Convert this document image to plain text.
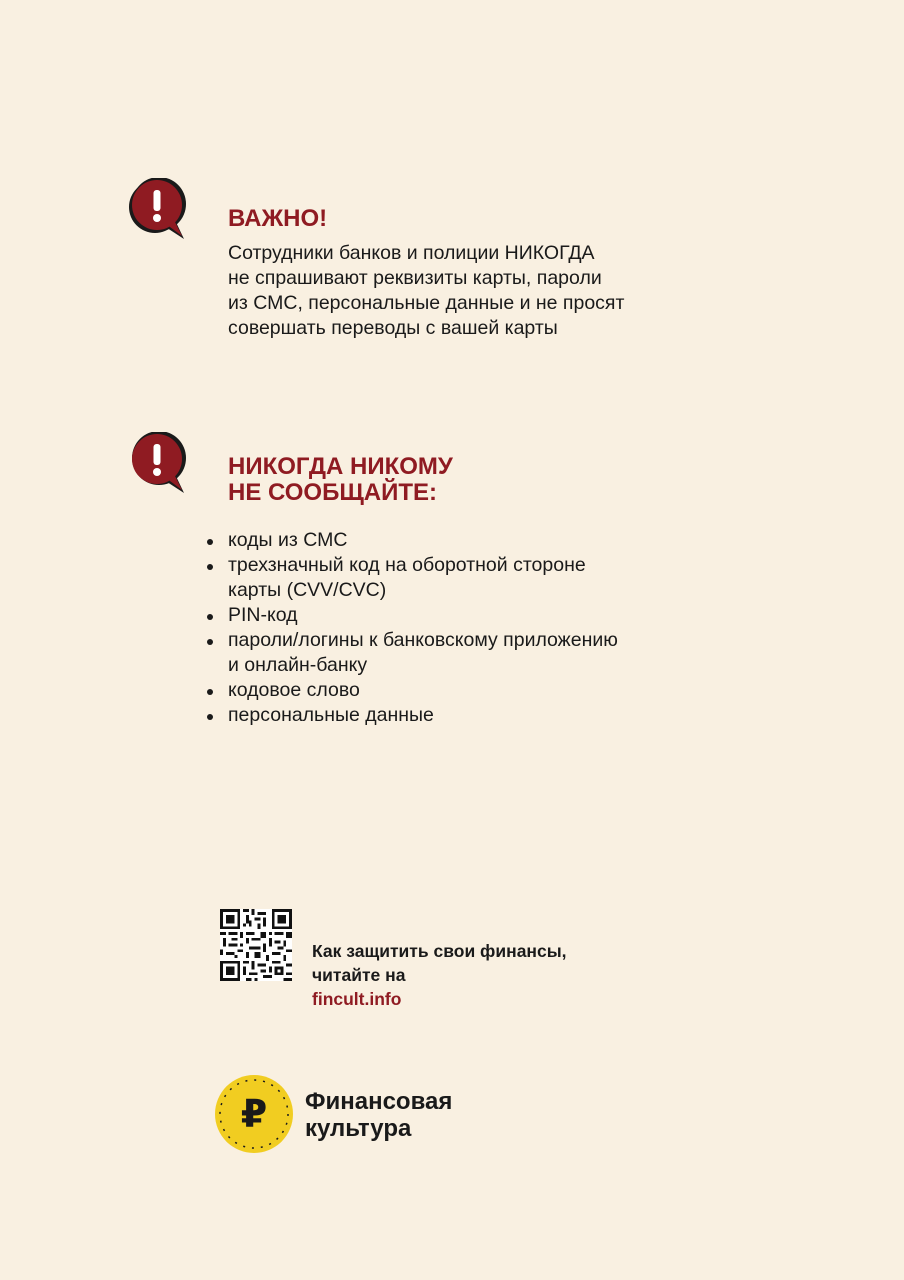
ВАЖНО!

Сотрудники банков и полиции НИКОГДА
не спрашивают реквизиты карты, пароли
из СМС, персональные данные и не просят
совершать переводы с вашей карты

НИКОГДА НИКОМУ
НЕ СООБЩАЙТЕ:
коды из СМС
трехзначный код на оборотной стороне
карты (CVV/CVC)
PIN-код
пароли/логины к банковскому приложению
и онлайн-банку
кодовое слово
персональные данные

Как защитить свои финансы,
читайте на
fincult.info

₽ Финансовая
культура
